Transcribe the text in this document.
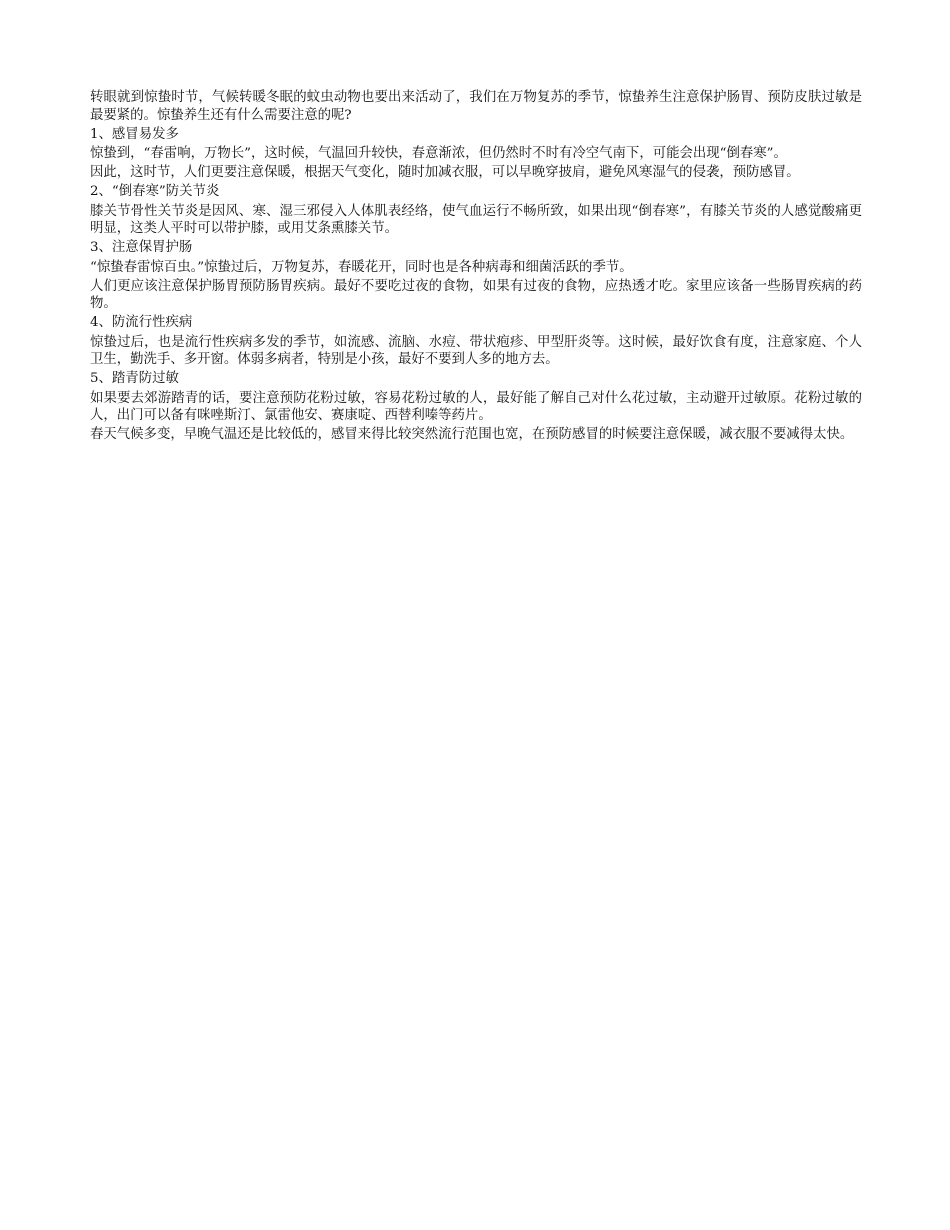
转眼就到惊蛰时节，气候转暖冬眠的蚊虫动物也要出来活动了，我们在万物复苏的季节，惊蛰养生注意保护肠胃、预防皮肤过敏是最要紧的。惊蛰养生还有什么需要注意的呢?

1、感冒易发多

惊蛰到，“春雷响，万物长”，这时候，气温回升较快，春意渐浓，但仍然时不时有冷空气南下，可能会出现“倒春寒”。

因此，这时节，人们更要注意保暖，根据天气变化，随时加减衣服，可以早晚穿披肩，避免风寒湿气的侵袭，预防感冒。

2、“倒春寒”防关节炎

膝关节骨性关节炎是因风、寒、湿三邪侵入人体肌表经络，使气血运行不畅所致，如果出现“倒春寒”，有膝关节炎的人感觉酸痛更明显，这类人平时可以带护膝，或用艾条熏膝关节。

3、注意保胃护肠

“惊蛰春雷惊百虫。”惊蛰过后，万物复苏，春暖花开，同时也是各种病毒和细菌活跃的季节。

人们更应该注意保护肠胃预防肠胃疾病。最好不要吃过夜的食物，如果有过夜的食物，应热透才吃。家里应该备一些肠胃疾病的药物。

4、防流行性疾病

惊蛰过后，也是流行性疾病多发的季节，如流感、流脑、水痘、带状疱疹、甲型肝炎等。这时候，最好饮食有度，注意家庭、个人卫生，勤洗手、多开窗。体弱多病者，特别是小孩，最好不要到人多的地方去。

5、踏青防过敏

如果要去郊游踏青的话，要注意预防花粉过敏，容易花粉过敏的人，最好能了解自己对什么花过敏，主动避开过敏原。花粉过敏的人，出门可以备有咪唑斯汀、氯雷他安、赛康啶、西替利嗪等药片。

春天气候多变，早晚气温还是比较低的，感冒来得比较突然流行范围也宽，在预防感冒的时候要注意保暖，减衣服不要减得太快。
